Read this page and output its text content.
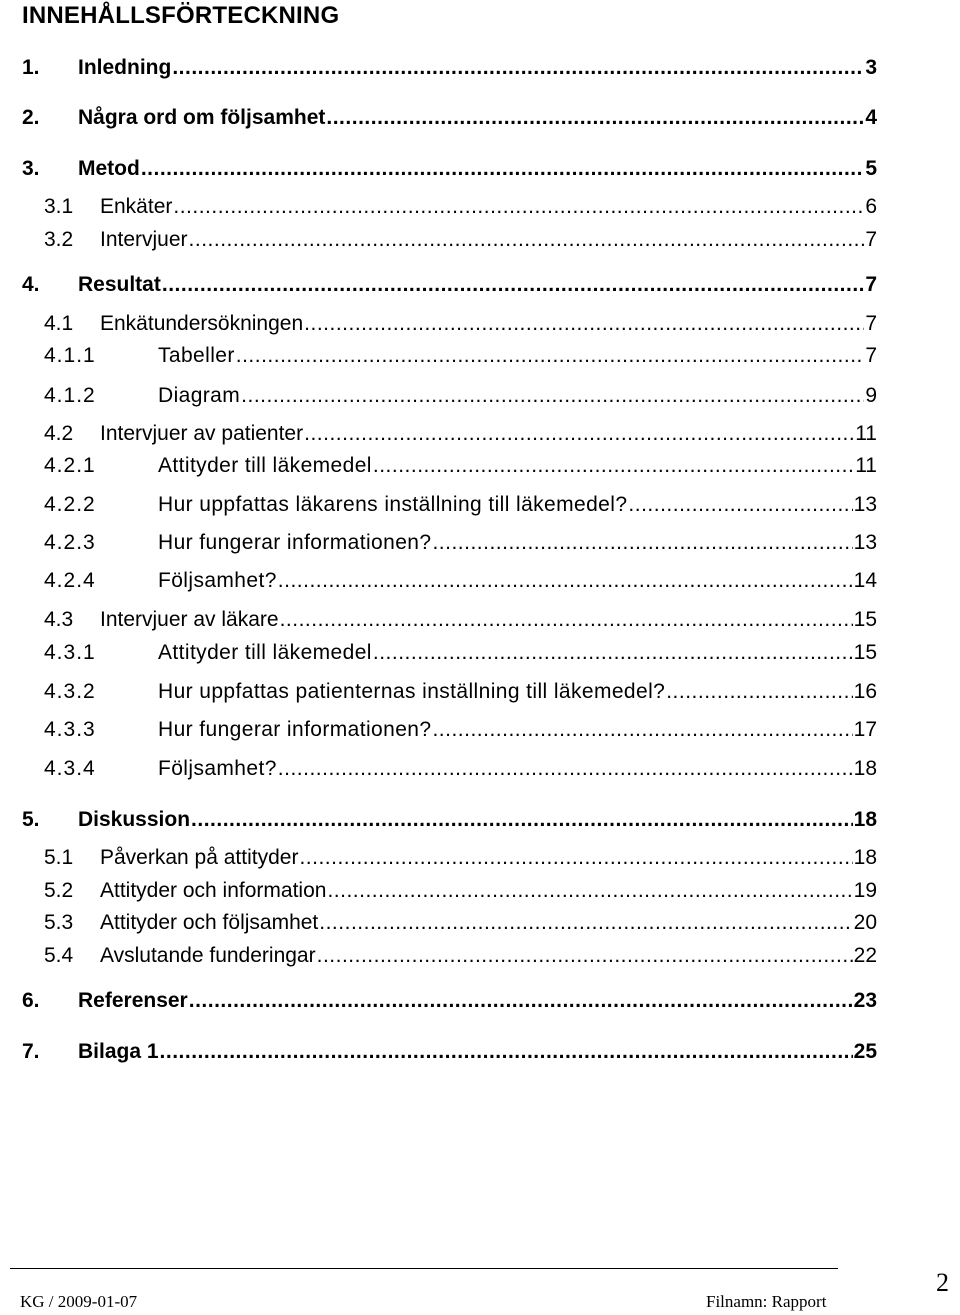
INNEHÅLLSFÖRTECKNING
1. Inledning .....	3
2. Några ord om följsamhet .....	4
3. Metod .....	5
3.1 Enkäter .....	6
3.2 Intervjuer .....	7
4. Resultat .....	7
4.1 Enkätundersökningen .....	7
4.1.1	Tabeller .....	7
4.1.2	Diagram .....	9
4.2 Intervjuer av patienter .....	11
4.2.1	Attityder till läkemedel .....	11
4.2.2	Hur uppfattas läkarens inställning till läkemedel? .....	13
4.2.3	Hur fungerar informationen? .....	13
4.2.4	Följsamhet? .....	14
4.3 Intervjuer av läkare .....	15
4.3.1	Attityder till läkemedel .....	15
4.3.2	Hur uppfattas patienternas inställning till läkemedel? .....	16
4.3.3	Hur fungerar informationen? .....	17
4.3.4	Följsamhet? .....	18
5. Diskussion .....	18
5.1 Påverkan på attityder .....	18
5.2 Attityder och information .....	19
5.3 Attityder och följsamhet .....	20
5.4 Avslutande funderingar .....	22
6. Referenser .....	23
7. Bilaga 1 .....	25
KG / 2009-01-07	Filnamn: Rapport
2
